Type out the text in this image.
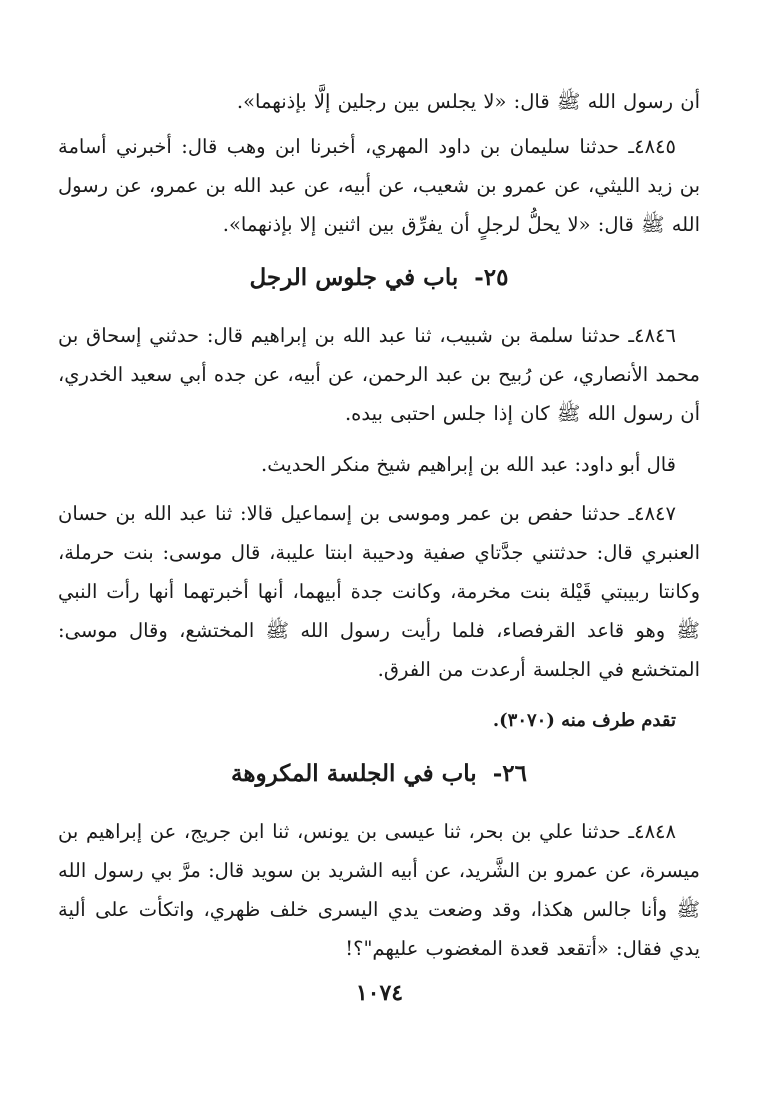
أن رسول الله ﷺ قال: «لا يجلس بين رجلين إلَّا بإذنهما».

٤٨٤٥ـ حدثنا سليمان بن داود المهري، أخبرنا ابن وهب قال: أخبرني أسامة بن زيد الليثي، عن عمرو بن شعيب، عن أبيه، عن عبد الله بن عمرو، عن رسول الله ﷺ قال: «لا يحلُّ لرجلٍ أن يفرِّق بين اثنين إلا بإذنهما».

٢٥- باب في جلوس الرجل

٤٨٤٦ـ حدثنا سلمة بن شبيب، ثنا عبد الله بن إبراهيم قال: حدثني إسحاق بن محمد الأنصاري، عن رُبيح بن عبد الرحمن، عن أبيه، عن جده أبي سعيد الخدري، أن رسول الله ﷺ كان إذا جلس احتبى بيده.

قال أبو داود: عبد الله بن إبراهيم شيخ منكر الحديث.

٤٨٤٧ـ حدثنا حفص بن عمر وموسى بن إسماعيل قالا: ثنا عبد الله بن حسان العنبري قال: حدثتني جدَّتاي صفية ودحيبة ابنتا عليبة، قال موسى: بنت حرملة، وكانتا ربيبتي قَيْلة بنت مخرمة، وكانت جدة أبيهما، أنها أخبرتهما أنها رأت النبي ﷺ وهو قاعد القرفصاء، فلما رأيت رسول الله ﷺ المختشع، وقال موسى: المتخشع في الجلسة أرعدت من الفرق.

تقدم طرف منه (٣٠٧٠).

٢٦- باب في الجلسة المكروهة

٤٨٤٨ـ حدثنا علي بن بحر، ثنا عيسى بن يونس، ثنا ابن جريج، عن إبراهيم بن ميسرة، عن عمرو بن الشَّريد، عن أبيه الشريد بن سويد قال: مرَّ بي رسول الله ﷺ وأنا جالس هكذا، وقد وضعت يدي اليسرى خلف ظهري، واتكأت على ألية يدي فقال: «أتقعد قعدة المغضوب عليهم"؟!

١٠٧٤
